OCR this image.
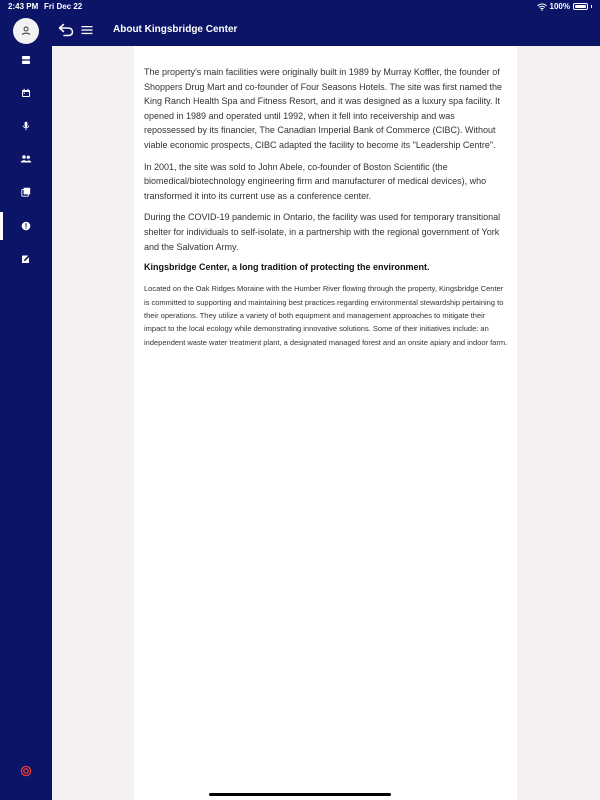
2:43 PM Fri Dec 22	100%
About Kingsbridge Center

The property's main facilities were originally built in 1989 by Murray Koffler, the founder of Shoppers Drug Mart and co-founder of Four Seasons Hotels. The site was first named the King Ranch Health Spa and Fitness Resort, and it was designed as a luxury spa facility. It opened in 1989 and operated until 1992, when it fell into receivership and was repossessed by its financier, The Canadian Imperial Bank of Commerce (CIBC). Without viable economic prospects, CIBC adapted the facility to become its "Leadership Centre".

In 2001, the site was sold to John Abele, co-founder of Boston Scientific (the biomedical/biotechnology engineering firm and manufacturer of medical devices), who transformed it into its current use as a conference center.

During the COVID-19 pandemic in Ontario, the facility was used for temporary transitional shelter for individuals to self-isolate, in a partnership with the regional government of York and the Salvation Army.

Kingsbridge Center, a long tradition of protecting the environment.

Located on the Oak Ridges Moraine with the Humber River flowing through the property, Kingsbridge Center is committed to supporting and maintaining best practices regarding environmental stewardship pertaining to their operations. They utilize a variety of both equipment and management approaches to mitigate their impact to the local ecology while demonstrating innovative solutions. Some of their initiatives include: an independent waste water treatment plant, a designated managed forest and an onsite apiary and indoor farm.
